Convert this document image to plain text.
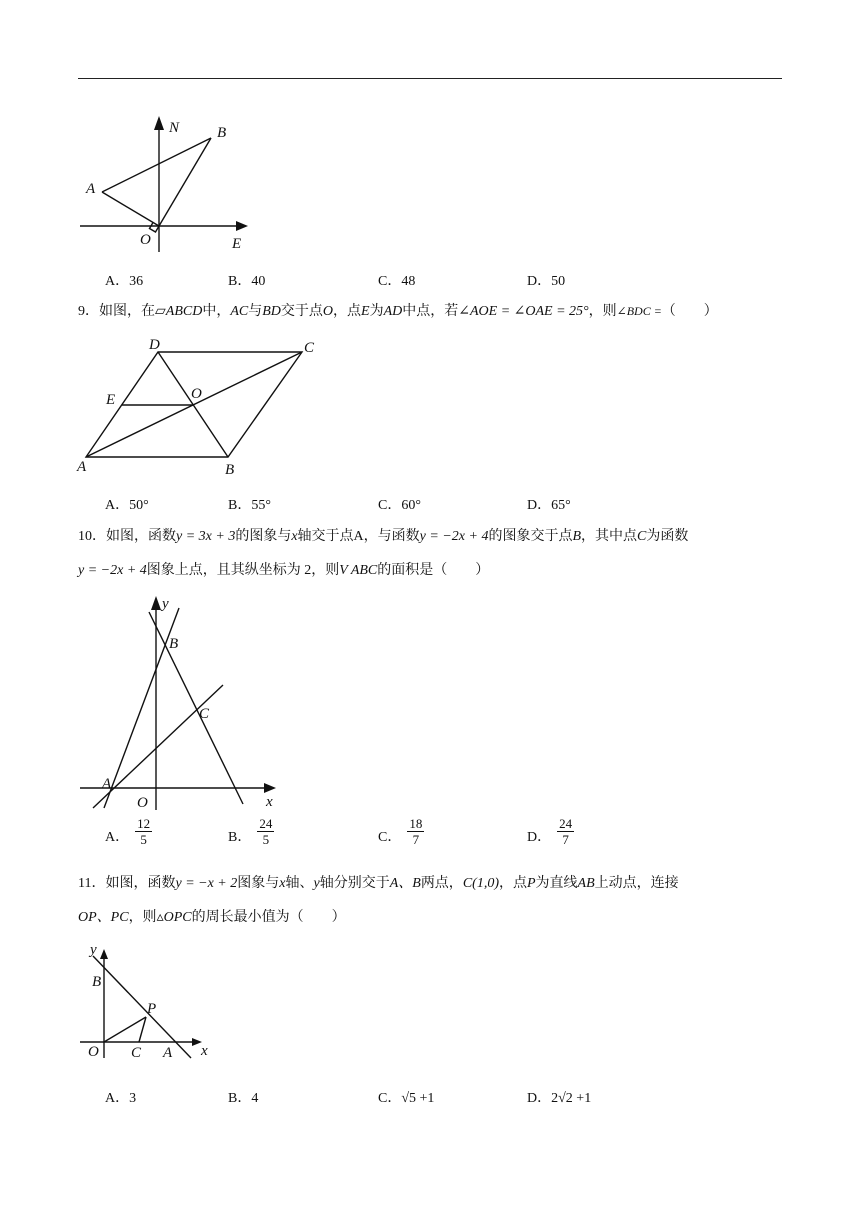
N	B
A
O	E
A．36	B．40	C．48	D．50
9．如图，在▱ABCD中，AC与BD交于点O，点E为AD中点，若∠AOE = ∠OAE = 25°，则∠BDC =（　　）
D	C
E	O
A	B
A．50°	B．55°	C．60°	D．65°
10．如图，函数y = 3x + 3的图象与x轴交于点A，与函数y = −2x + 4的图象交于点B，其中点C为函数
y = −2x + 4图象上点，且其纵坐标为 2，则V ABC的面积是（　　）
y
B
C
A
O	x
A． $\frac{12}{5}$	B． $\frac{24}{5}$	C． $\frac{18}{7}$	D． $\frac{24}{7}$
11．如图，函数y = −x + 2图象与x轴、y轴分别交于A、B两点，C(1,0)，点P为直线AB上动点，连接
OP、PC，则▵OPC的周长最小值为（　　）
y
B
P
O C A x
A．3	B．4	C．√5 +1	D．2√2 +1
